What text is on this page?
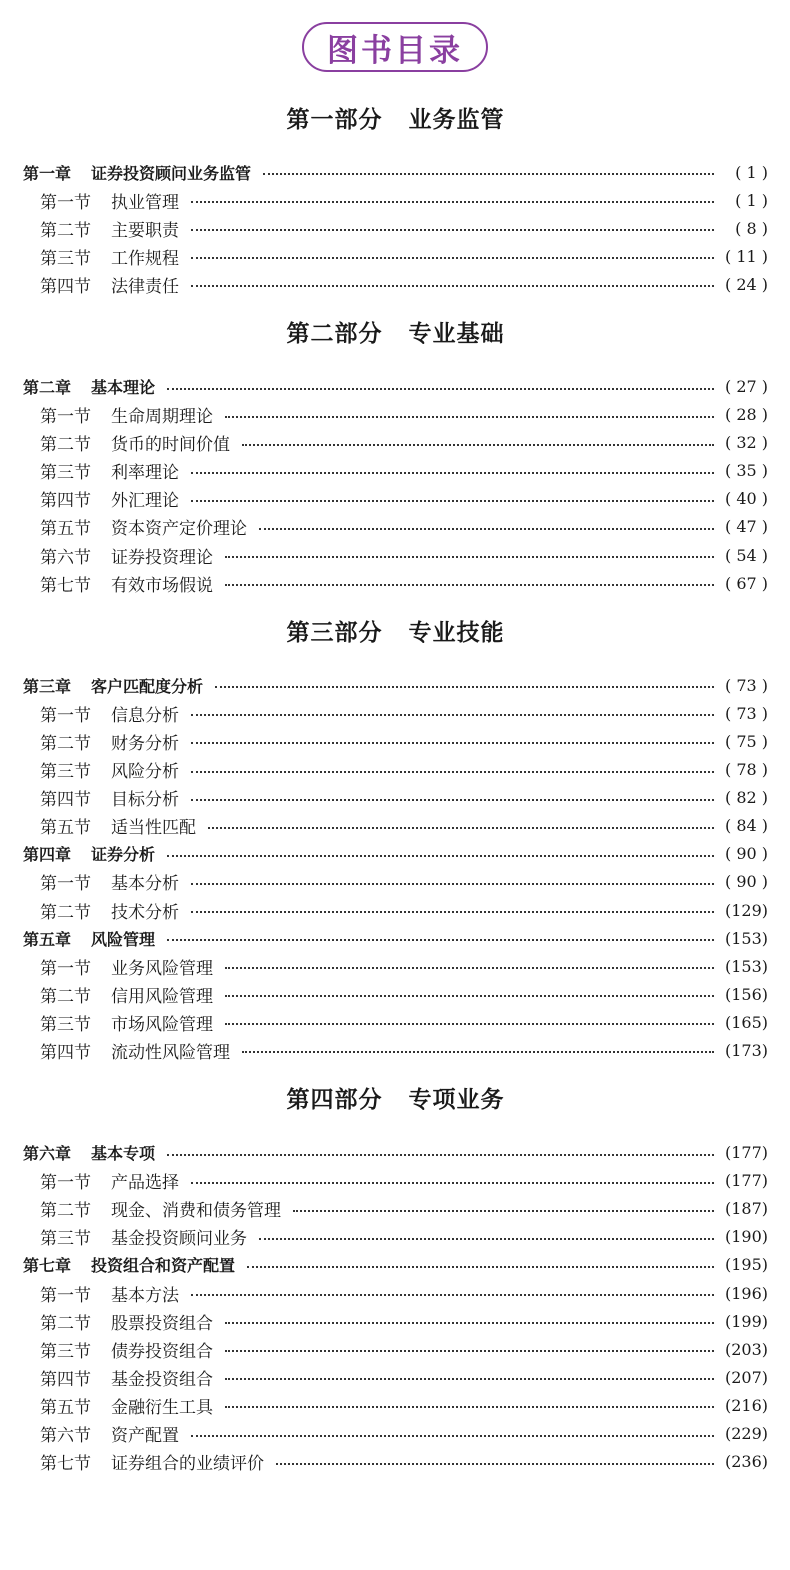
图书目录
第一部分 业务监管
第一章 证券投资顾问业务监管	( 1 )
第一节 执业管理	( 1 )
第二节 主要职责	( 8 )
第三节 工作规程	( 11 )
第四节 法律责任	( 24 )
第二部分 专业基础
第二章 基本理论	( 27 )
第一节 生命周期理论	( 28 )
第二节 货币的时间价值	( 32 )
第三节 利率理论	( 35 )
第四节 外汇理论	( 40 )
第五节 资本资产定价理论	( 47 )
第六节 证券投资理论	( 54 )
第七节 有效市场假说	( 67 )
第三部分 专业技能
第三章 客户匹配度分析	( 73 )
第一节 信息分析	( 73 )
第二节 财务分析	( 75 )
第三节 风险分析	( 78 )
第四节 目标分析	( 82 )
第五节 适当性匹配	( 84 )
第四章 证券分析	( 90 )
第一节 基本分析	( 90 )
第二节 技术分析	(129)
第五章 风险管理	(153)
第一节 业务风险管理	(153)
第二节 信用风险管理	(156)
第三节 市场风险管理	(165)
第四节 流动性风险管理	(173)
第四部分 专项业务
第六章 基本专项	(177)
第一节 产品选择	(177)
第二节 现金、消费和债务管理	(187)
第三节 基金投资顾问业务	(190)
第七章 投资组合和资产配置	(195)
第一节 基本方法	(196)
第二节 股票投资组合	(199)
第三节 债券投资组合	(203)
第四节 基金投资组合	(207)
第五节 金融衍生工具	(216)
第六节 资产配置	(229)
第七节 证券组合的业绩评价	(236)
